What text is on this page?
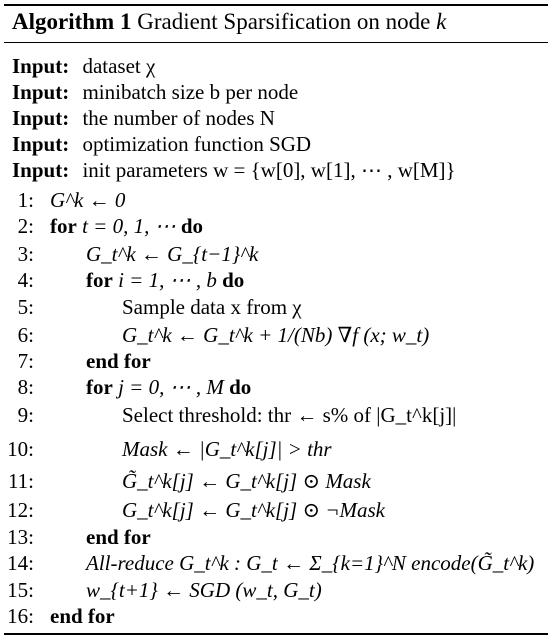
Algorithm 1 Gradient Sparsification on node k
Input: dataset χ
Input: minibatch size b per node
Input: the number of nodes N
Input: optimization function SGD
Input: init parameters w = {w[0], w[1], ⋯ , w[M]}
1: G^k ← 0
2: for t = 0, 1, ⋯ do
3: G_t^k ← G_{t−1}^k
4: for i = 1, ⋯ , b do
5:	Sample data x from χ
6:	G_t^k ← G_t^k + 1/(Nb) ∇f (x; w_t)
7: end for
8: for j = 0, ⋯ , M do
9:	Select threshold: thr ← s% of |G_t^k[j]|
10:	Mask ← |G_t^k[j]| > thr
11:	G̃_t^k[j] ← G_t^k[j] ⊙ Mask
12:	G_t^k[j] ← G_t^k[j] ⊙ ¬Mask
13: end for
14: All-reduce G_t^k : G_t ← Σ_{k=1}^N encode(G̃_t^k)
15: w_{t+1} ← SGD (w_t, G_t)
16: end for
